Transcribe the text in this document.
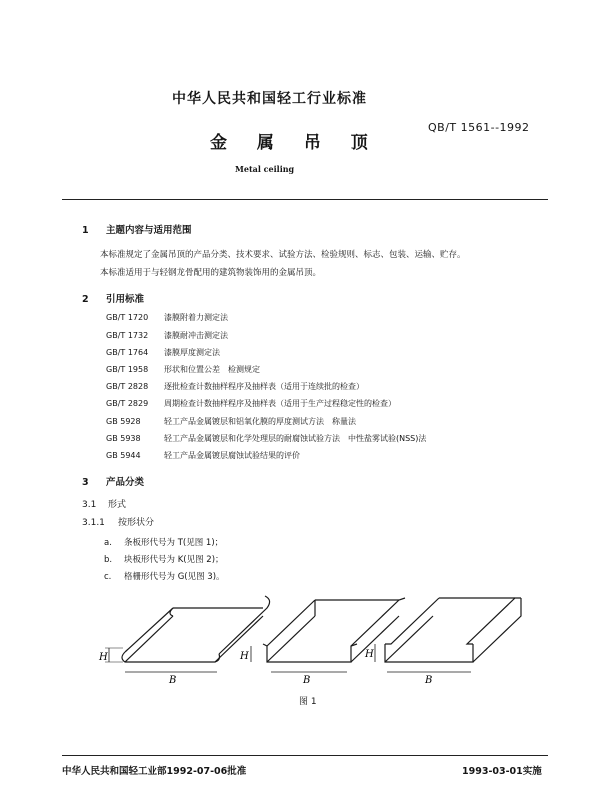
中华人民共和国轻工行业标准
金 属 吊 顶
QB/T 1561--1992
Metal ceiling
1 主题内容与适用范围
本标准规定了金属吊顶的产品分类、技术要求、试验方法、检验规则、标志、包装、运输、贮存。
本标准适用于与轻钢龙骨配用的建筑物装饰用的金属吊顶。
2 引用标准
GB/T 1720 漆膜附着力测定法
GB/T 1732 漆膜耐冲击测定法
GB/T 1764 漆膜厚度测定法
GB/T 1958 形状和位置公差　检测规定
GB/T 2828 逐批检查计数抽样程序及抽样表（适用于连续批的检查）
GB/T 2829 周期检查计数抽样程序及抽样表（适用于生产过程稳定性的检查）
GB 5928	轻工产品金属镀层和铝氧化膜的厚度测试方法　称量法
GB 5938	轻工产品金属镀层和化学处理层的耐腐蚀试验方法　中性盐雾试验(NSS)法
GB 5944	轻工产品金属镀层腐蚀试验结果的评价
3 产品分类
3.1 形式
3.1.1 按形状分
a. 条板形代号为 T(见图 1)；
b. 块板形代号为 K(见图 2)；
c. 格栅形代号为 G(见图 3)。
H
B
H
B
H
B
图 1
中华人民共和国轻工业部1992-07-06批准	1993-03-01实施
